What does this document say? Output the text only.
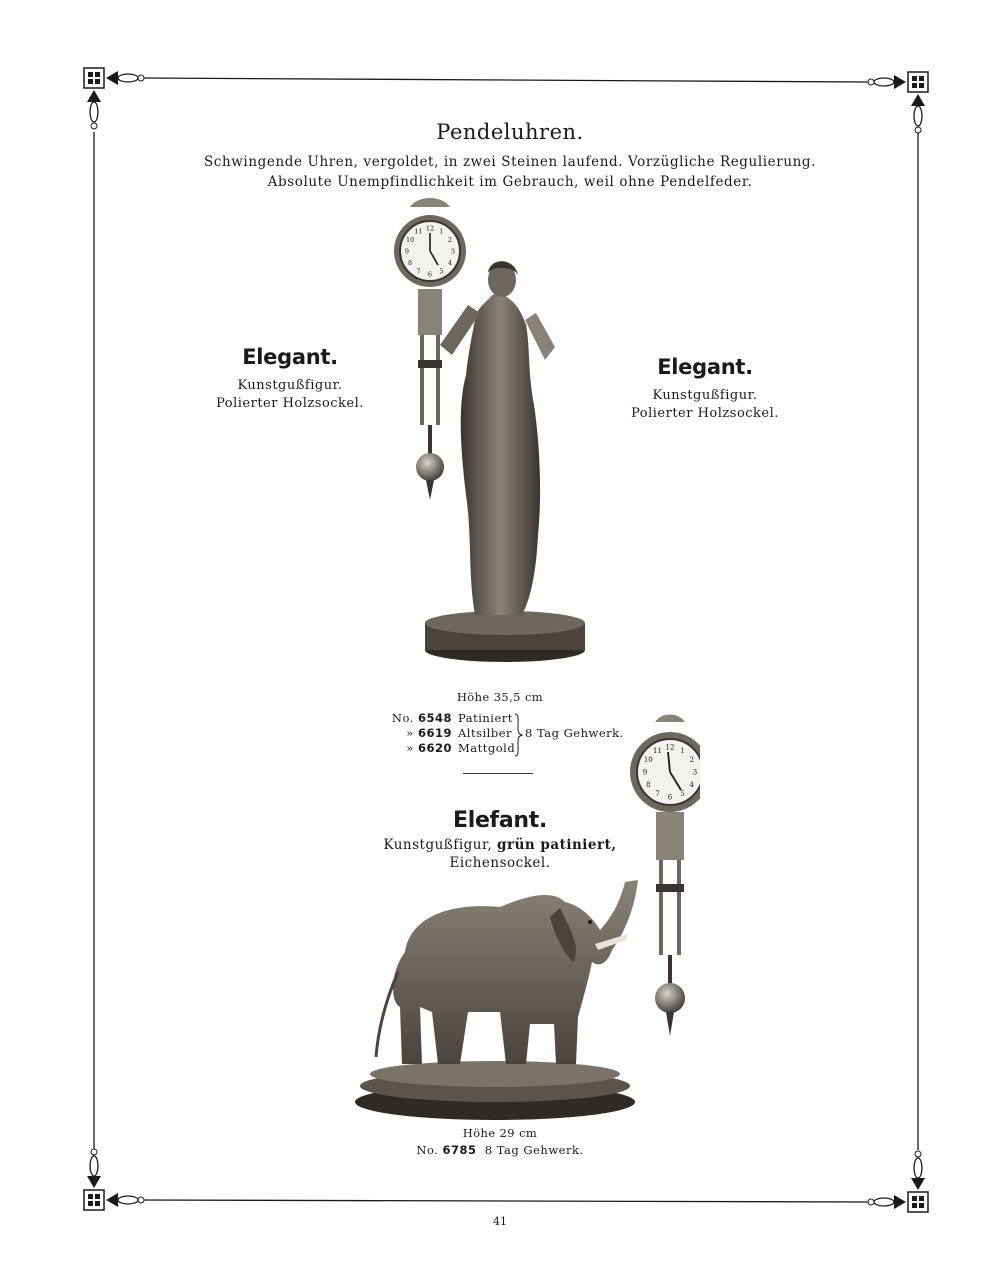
Pendeluhren.
Schwingende Uhren, vergoldet, in zwei Steinen laufend. Vorzügliche Regulierung.
Absolute Unempfindlichkeit im Gebrauch, weil ohne Pendelfeder.
12 1
2
3
4
5
6
7
8
9
10
11
Elegant.
Kunstgußfigur.
Polierter Holzsockel.
Elegant.
Kunstgußfigur.
Polierter Holzsockel.
Höhe 35,5 cm
No. 6548 Patiniert
» 6619 Altsilber
» 6620 Mattgold
8 Tag Gehwerk.
Elefant.
Kunstgußfigur, grün patiniert,
Eichensockel.
12 1
2
3
4
5
6
7
8
9
10
11
Höhe 29 cm
No. 6785 8 Tag Gehwerk.
41
